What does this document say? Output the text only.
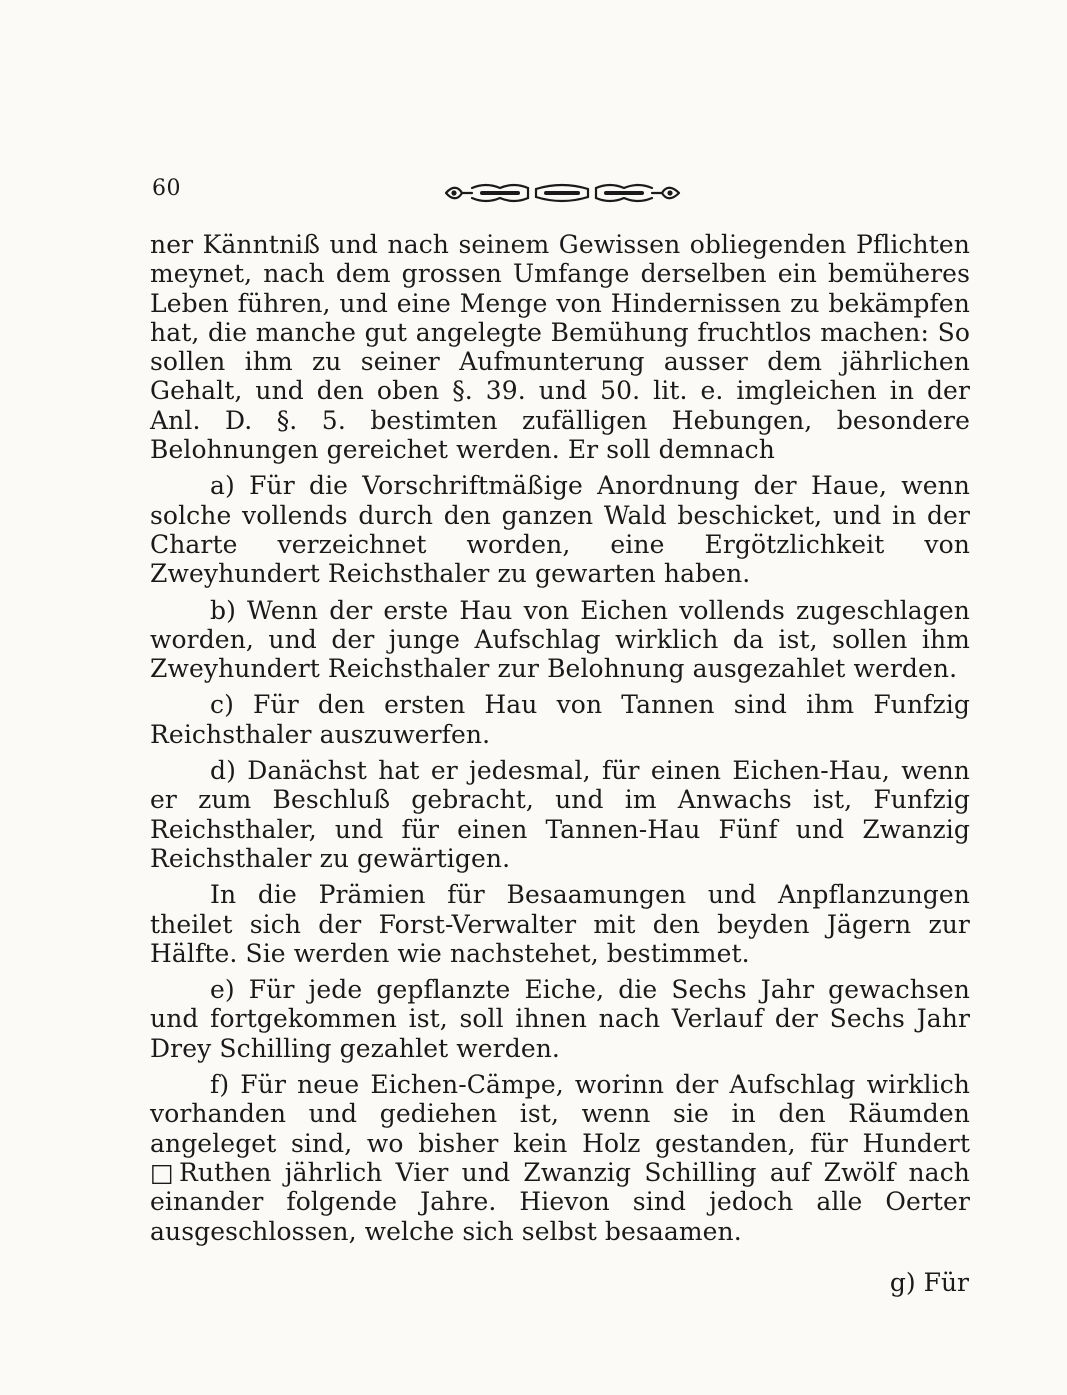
60

ner Känntniß und nach seinem Gewissen obliegenden Pflichten meynet, nach dem grossen Umfange derselben ein bemüheres Leben führen, und eine Menge von Hindernissen zu bekämpfen hat, die manche gut angelegte Bemühung fruchtlos machen: So sollen ihm zu seiner Aufmunterung ausser dem jährlichen Gehalt, und den oben §. 39. und 50. lit. e. imgleichen in der Anl. D. §. 5. bestimten zufälligen Hebungen, besondere Belohnungen gereichet werden. Er soll demnach

a) Für die Vorschriftmäßige Anordnung der Haue, wenn solche vollends durch den ganzen Wald beschicket, und in der Charte verzeichnet worden, eine Ergötzlichkeit von Zweyhundert Reichsthaler zu gewarten haben.

b) Wenn der erste Hau von Eichen vollends zugeschlagen worden, und der junge Aufschlag wirklich da ist, sollen ihm Zweyhundert Reichsthaler zur Belohnung ausgezahlet werden.

c) Für den ersten Hau von Tannen sind ihm Funfzig Reichsthaler auszuwerfen.

d) Danächst hat er jedesmal, für einen Eichen-Hau, wenn er zum Beschluß gebracht, und im Anwachs ist, Funfzig Reichsthaler, und für einen Tannen-Hau Fünf und Zwanzig Reichsthaler zu gewärtigen.

In die Prämien für Besaamungen und Anpflanzungen theilet sich der Forst-Verwalter mit den beyden Jägern zur Hälfte. Sie werden wie nachstehet, bestimmet.

e) Für jede gepflanzte Eiche, die Sechs Jahr gewachsen und fortgekommen ist, soll ihnen nach Verlauf der Sechs Jahr Drey Schilling gezahlet werden.

f) Für neue Eichen-Cämpe, worinn der Aufschlag wirklich vorhanden und gediehen ist, wenn sie in den Räumden angeleget sind, wo bisher kein Holz gestanden, für Hundert □Ruthen jährlich Vier und Zwanzig Schilling auf Zwölf nach einander folgende Jahre. Hievon sind jedoch alle Oerter ausgeschlossen, welche sich selbst besaamen.

g) Für
